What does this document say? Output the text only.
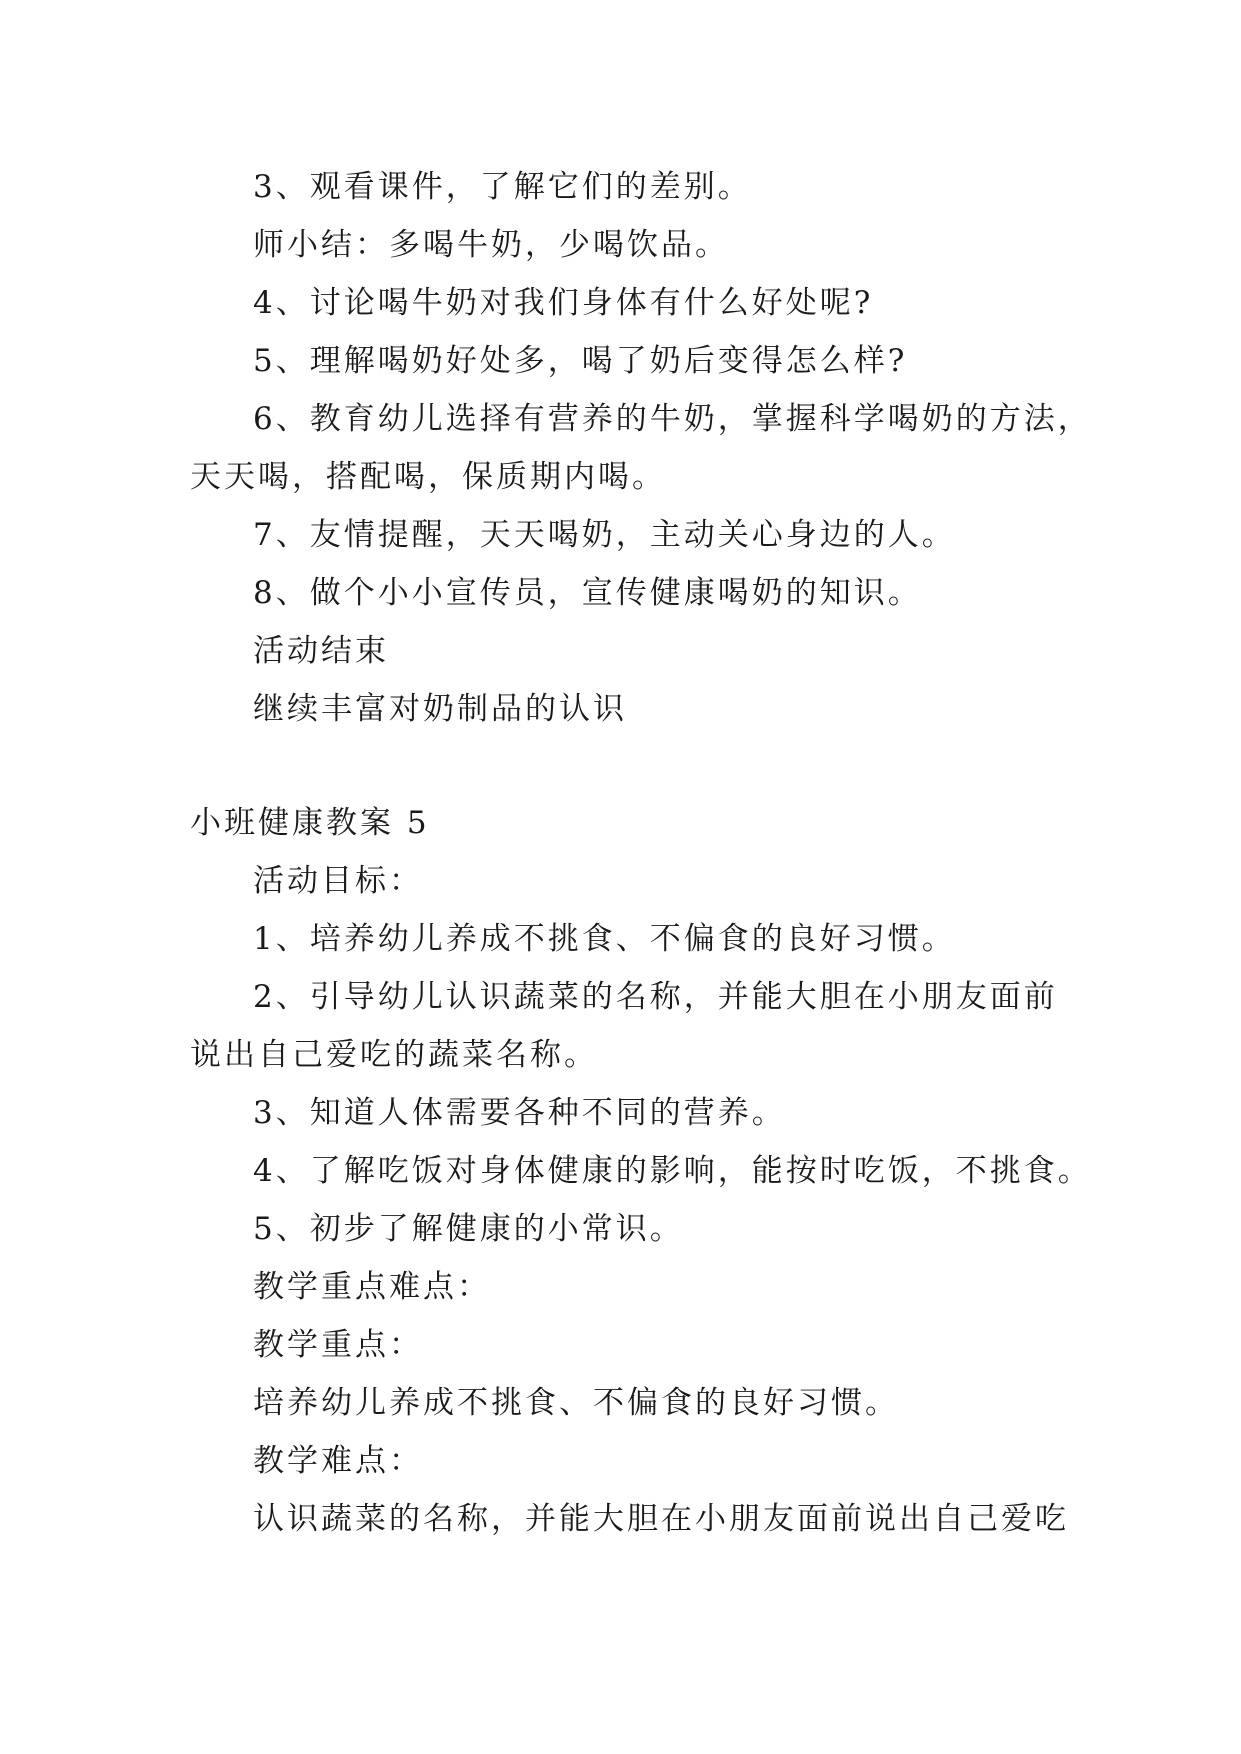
3、观看课件，了解它们的差别。
师小结：多喝牛奶，少喝饮品。
4、讨论喝牛奶对我们身体有什么好处呢?
5、理解喝奶好处多，喝了奶后变得怎么样?
6、教育幼儿选择有营养的牛奶，掌握科学喝奶的方法，
天天喝，搭配喝，保质期内喝。
7、友情提醒，天天喝奶，主动关心身边的人。
8、做个小小宣传员，宣传健康喝奶的知识。
活动结束
继续丰富对奶制品的认识
小班健康教案 5
活动目标：
1、培养幼儿养成不挑食、不偏食的良好习惯。
2、引导幼儿认识蔬菜的名称，并能大胆在小朋友面前
说出自己爱吃的蔬菜名称。
3、知道人体需要各种不同的营养。
4、了解吃饭对身体健康的影响，能按时吃饭，不挑食。
5、初步了解健康的小常识。
教学重点难点：
教学重点：
培养幼儿养成不挑食、不偏食的良好习惯。
教学难点：
认识蔬菜的名称，并能大胆在小朋友面前说出自己爱吃
